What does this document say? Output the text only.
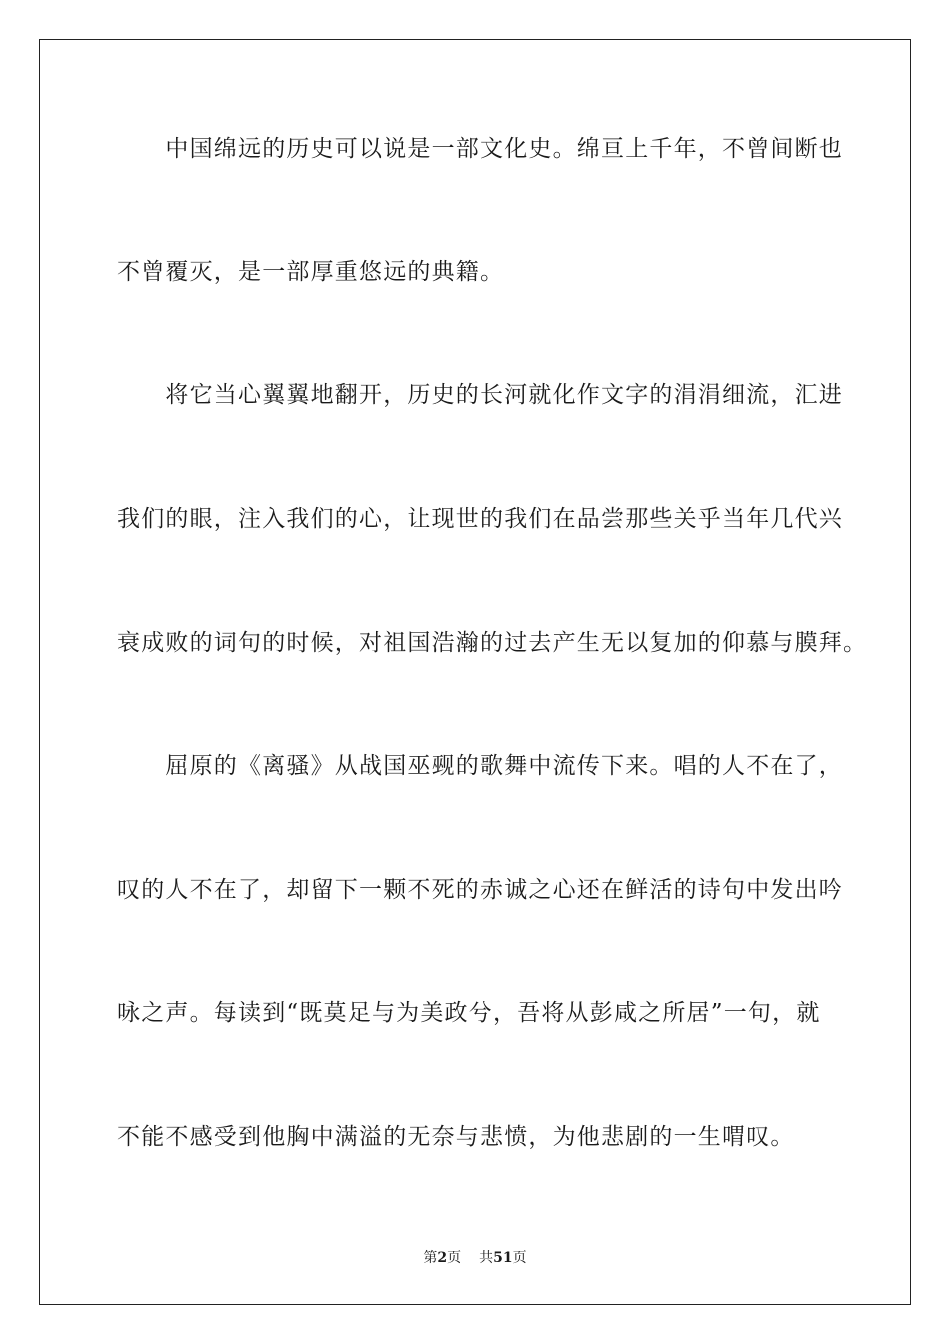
　　中国绵远的历史可以说是一部文化史。绵亘上千年，不曾间断也
不曾覆灭，是一部厚重悠远的典籍。
　　将它当心翼翼地翻开，历史的长河就化作文字的涓涓细流，汇进
我们的眼，注入我们的心，让现世的我们在品尝那些关乎当年几代兴
衰成败的词句的时候，对祖国浩瀚的过去产生无以复加的仰慕与膜拜。
　　屈原的《离骚》从战国巫觋的歌舞中流传下来。唱的人不在了，
叹的人不在了，却留下一颗不死的赤诚之心还在鲜活的诗句中发出吟
咏之声。每读到“既莫足与为美政兮，吾将从彭咸之所居”一句，就
不能不感受到他胸中满溢的无奈与悲愤，为他悲剧的一生喟叹。
第2页 共51页
